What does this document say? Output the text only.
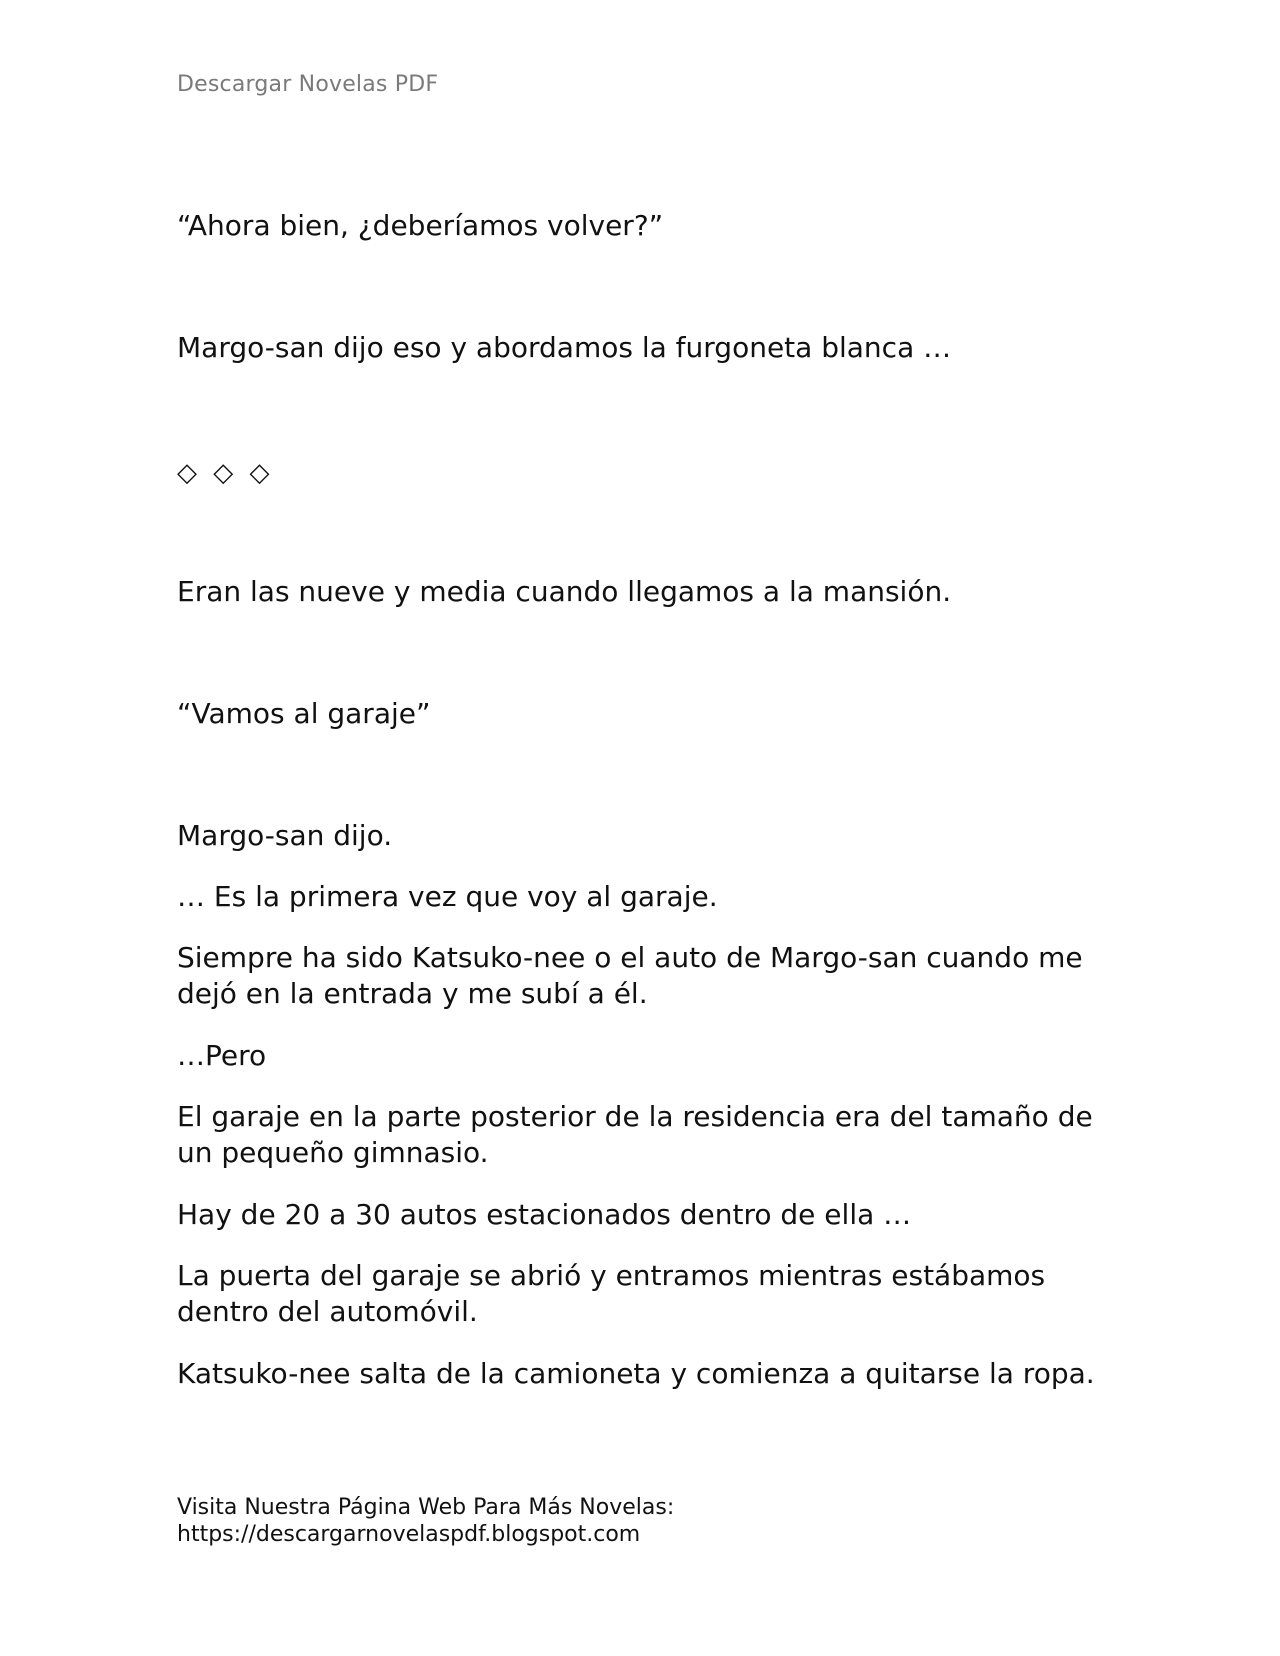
Descargar Novelas PDF

“Ahora bien, ¿deberíamos volver?”

Margo-san dijo eso y abordamos la furgoneta blanca …

◇ ◇ ◇

Eran las nueve y media cuando llegamos a la mansión.

“Vamos al garaje”

Margo-san dijo.

… Es la primera vez que voy al garaje.

Siempre ha sido Katsuko-nee o el auto de Margo-san cuando me dejó en la entrada y me subí a él.

…Pero

El garaje en la parte posterior de la residencia era del tamaño de un pequeño gimnasio.

Hay de 20 a 30 autos estacionados dentro de ella …

La puerta del garaje se abrió y entramos mientras estábamos dentro del automóvil.

Katsuko-nee salta de la camioneta y comienza a quitarse la ropa.

Visita Nuestra Página Web Para Más Novelas:
https://descargarnovelaspdf.blogspot.com
